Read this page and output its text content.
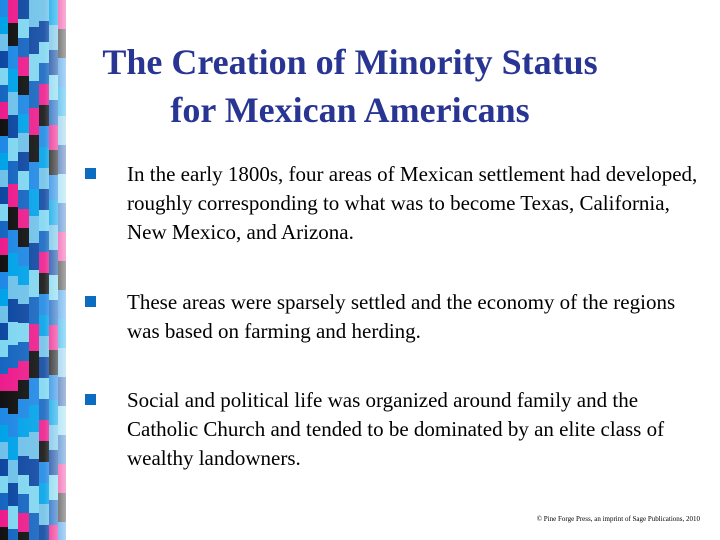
The Creation of Minority Status
for Mexican Americans
In the early 1800s, four areas of Mexican settlement had developed, roughly corresponding to what was to become Texas, California, New Mexico, and Arizona.
These areas were sparsely settled and the economy of the regions was based on farming and herding.
Social and political life was organized around family and the Catholic Church and tended to be dominated by an elite class of wealthy landowners.
© Pine Forge Press, an imprint of Sage Publications, 2010
